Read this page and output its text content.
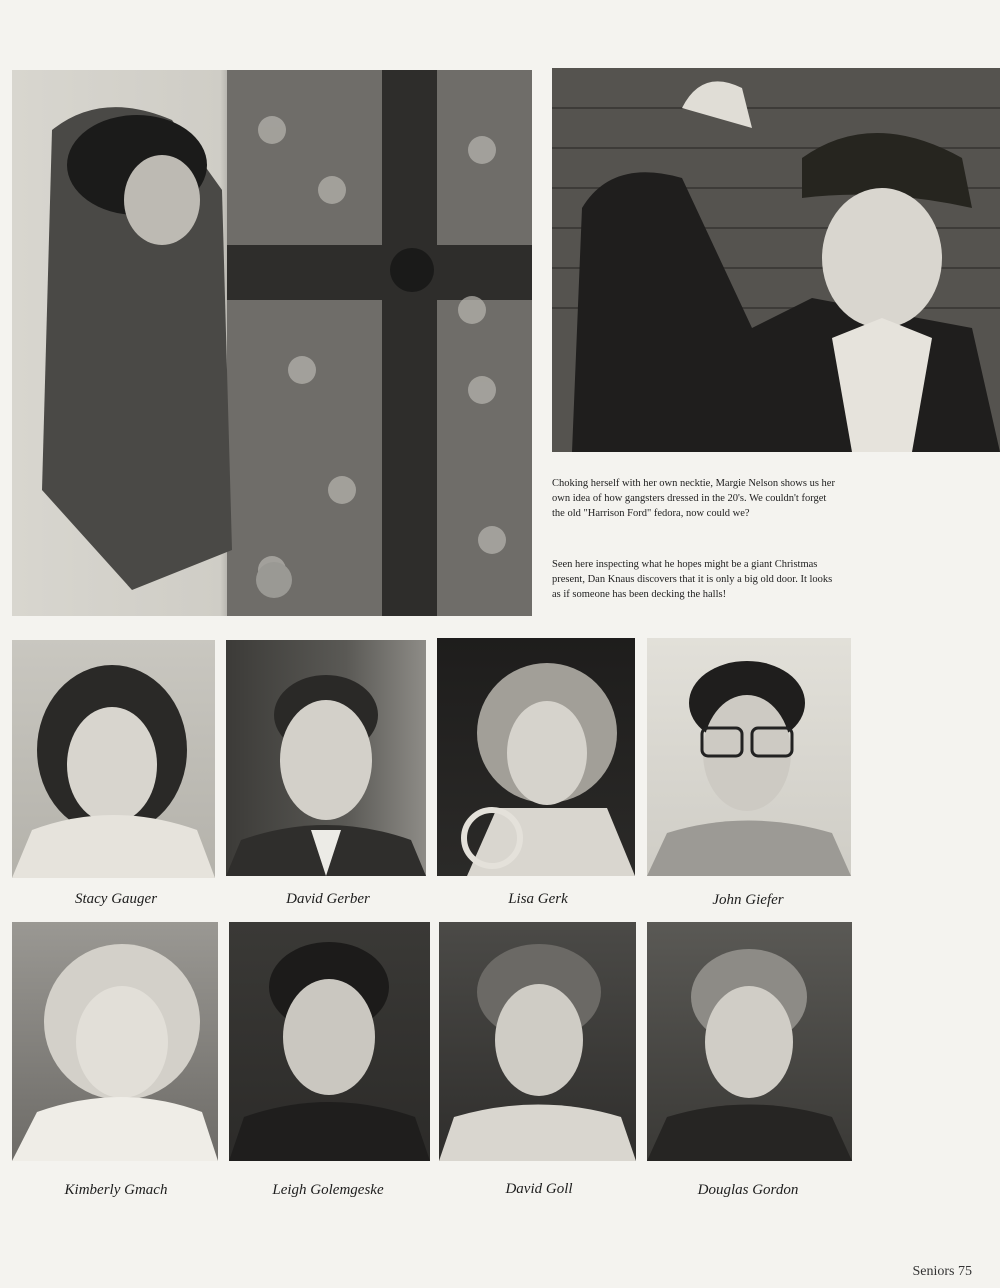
Choking herself with her own necktie, Margie Nelson shows us her own idea of how gangsters dressed in the 20's. We couldn't forget the old "Harrison Ford" fedora, now could we?
Seen here inspecting what he hopes might be a giant Christmas present, Dan Knaus discovers that it is only a big old door. It looks as if someone has been decking the halls!
Stacy Gauger	David Gerber	Lisa Gerk	John Giefer
Kimberly Gmach	Leigh Golemgeske	David Goll	Douglas Gordon
Seniors 75
